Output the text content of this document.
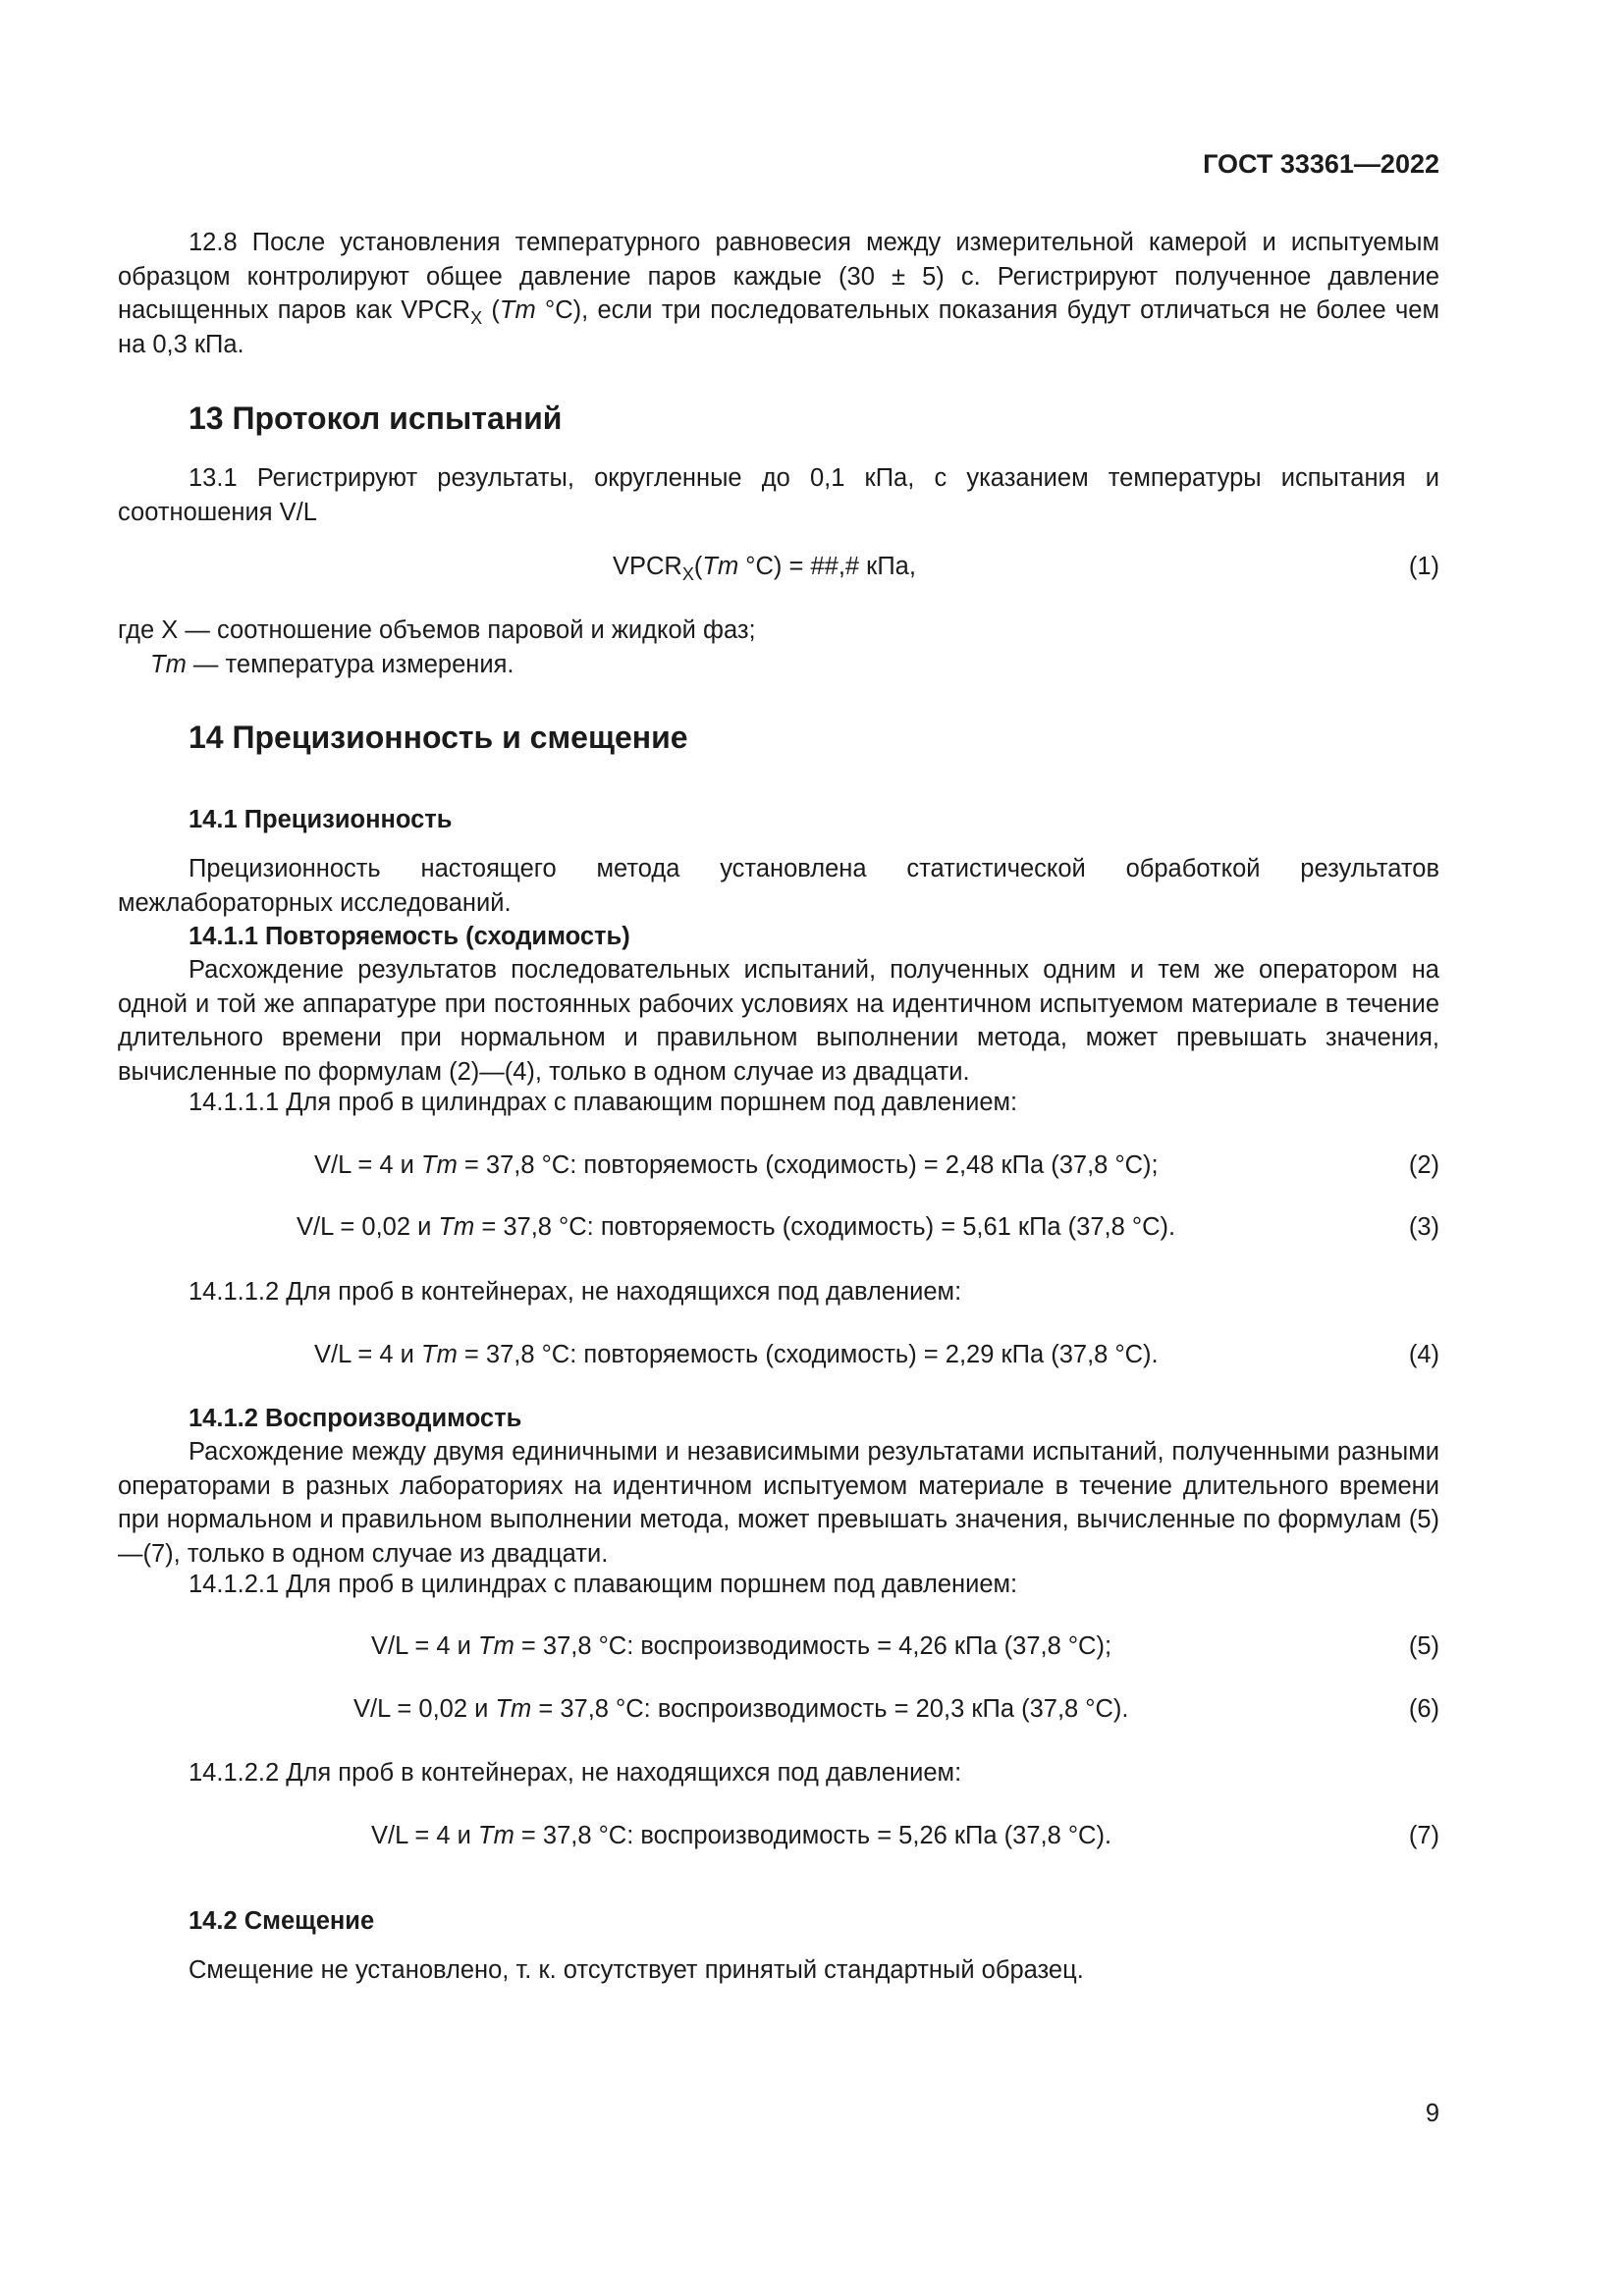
ГОСТ 33361—2022

12.8 После установления температурного равновесия между измерительной камерой и испытуемым образцом контролируют общее давление паров каждые (30 ± 5) с. Регистрируют полученное давление насыщенных паров как $VPCR_X$ (Tm °C), если три последовательных показания будут отличаться не более чем на 0,3 кПа.

13 Протокол испытаний

13.1 Регистрируют результаты, округленные до 0,1 кПа, с указанием температуры испытания и соотношения V/L

$VPCR_X(Tm$ °C) = ##,# кПа,	(1)
где X — соотношение объемов паровой и жидкой фаз;
Tm — температура измерения.
14 Прецизионность и смещение
14.1 Прецизионность

Прецизионность настоящего метода установлена статистической обработкой результатов межлабораторных исследований.

14.1.1 Повторяемость (сходимость)

Расхождение результатов последовательных испытаний, полученных одним и тем же оператором на одной и той же аппаратуре при постоянных рабочих условиях на идентичном испытуемом материале в течение длительного времени при нормальном и правильном выполнении метода, может превышать значения, вычисленные по формулам (2)—(4), только в одном случае из двадцати.

14.1.1.1 Для проб в цилиндрах с плавающим поршнем под давлением:
V/L = 4 и Tm = 37,8 °C: повторяемость (сходимость) = 2,48 кПа (37,8 °C);	(2)
V/L = 0,02 и Tm = 37,8 °C: повторяемость (сходимость) = 5,61 кПа (37,8 °C).	(3)
14.1.1.2 Для проб в контейнерах, не находящихся под давлением:
V/L = 4 и Tm = 37,8 °C: повторяемость (сходимость) = 2,29 кПа (37,8 °C).	(4)
14.1.2 Воспроизводимость

Расхождение между двумя единичными и независимыми результатами испытаний, полученными разными операторами в разных лабораториях на идентичном испытуемом материале в течение длительного времени при нормальном и правильном выполнении метода, может превышать значения, вычисленные по формулам (5)—(7), только в одном случае из двадцати.

14.1.2.1 Для проб в цилиндрах с плавающим поршнем под давлением:
V/L = 4 и Tm = 37,8 °C: воспроизводимость = 4,26 кПа (37,8 °C);	(5)
V/L = 0,02 и Tm = 37,8 °C: воспроизводимость = 20,3 кПа (37,8 °C).	(6)
14.1.2.2 Для проб в контейнерах, не находящихся под давлением:
V/L = 4 и Tm = 37,8 °C: воспроизводимость = 5,26 кПа (37,8 °C).	(7)
14.2 Смещение
Смещение не установлено, т. к. отсутствует принятый стандартный образец.
9
